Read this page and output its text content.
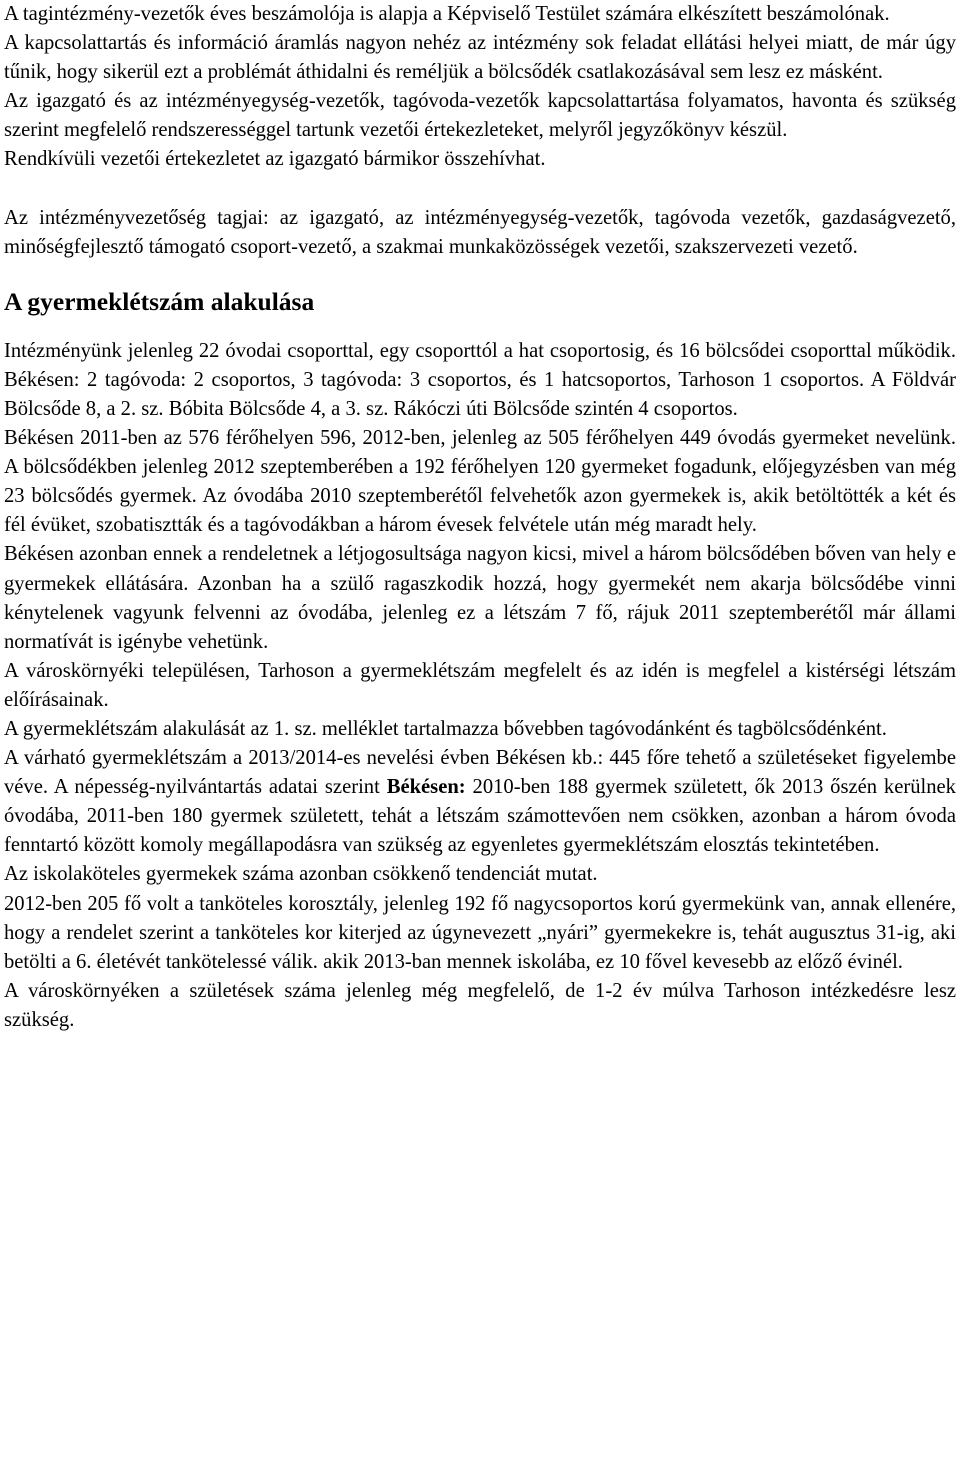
A tagintézmény-vezetők éves beszámolója is alapja a Képviselő Testület számára elkészített beszámolónak.

A kapcsolattartás és információ áramlás nagyon nehéz az intézmény sok feladat ellátási helyei miatt, de már úgy tűnik, hogy sikerül ezt a problémát áthidalni és reméljük a bölcsődék csatlakozásával sem lesz ez másként.

Az igazgató és az intézményegység-vezetők, tagóvoda-vezetők kapcsolattartása folyamatos, havonta és szükség szerint megfelelő rendszerességgel tartunk vezetői értekezleteket, melyről jegyzőkönyv készül.

Rendkívüli vezetői értekezletet az igazgató bármikor összehívhat.

Az intézményvezetőség tagjai: az igazgató, az intézményegység-vezetők, tagóvoda vezetők, gazdaságvezető, minőségfejlesztő támogató csoport-vezető, a szakmai munkaközösségek vezetői, szakszervezeti vezető.

A gyermeklétszám alakulása

Intézményünk jelenleg 22 óvodai csoporttal, egy csoporttól a hat csoportosig, és 16 bölcsődei csoporttal működik. Békésen: 2 tagóvoda: 2 csoportos, 3 tagóvoda: 3 csoportos, és 1 hatcsoportos, Tarhoson 1 csoportos. A Földvár Bölcsőde 8, a 2. sz. Bóbita Bölcsőde 4, a 3. sz. Rákóczi úti Bölcsőde szintén 4 csoportos.

Békésen 2011-ben az 576 férőhelyen 596, 2012-ben, jelenleg az 505 férőhelyen 449 óvodás gyermeket nevelünk. A bölcsődékben jelenleg 2012 szeptemberében a 192 férőhelyen 120 gyermeket fogadunk, előjegyzésben van még 23 bölcsődés gyermek. Az óvodába 2010 szeptemberétől felvehetők azon gyermekek is, akik betöltötték a két és fél évüket, szobatisztták és a tagóvodákban a három évesek felvétele után még maradt hely.

Békésen azonban ennek a rendeletnek a létjogosultsága nagyon kicsi, mivel a három bölcsődében bőven van hely e gyermekek ellátására. Azonban ha a szülő ragaszkodik hozzá, hogy gyermekét nem akarja bölcsődébe vinni kénytelenek vagyunk felvenni az óvodába, jelenleg ez a létszám 7 fő, rájuk 2011 szeptemberétől már állami normatívát is igénybe vehetünk.

A városkörnyéki településen, Tarhoson a gyermeklétszám megfelelt és az idén is megfelel a kistérségi létszám előírásainak.

A gyermeklétszám alakulását az 1. sz. melléklet tartalmazza bővebben tagóvodánként és tagbölcsődénként.

A várható gyermeklétszám a 2013/2014-es nevelési évben Békésen kb.: 445 főre tehető a születéseket figyelembe véve. A népesség-nyilvántartás adatai szerint Békésen: 2010-ben 188 gyermek született, ők 2013 őszén kerülnek óvodába, 2011-ben 180 gyermek született, tehát a létszám számottevően nem csökken, azonban a három óvoda fenntartó között komoly megállapodásra van szükség az egyenletes gyermeklétszám elosztás tekintetében.

Az iskolaköteles gyermekek száma azonban csökkenő tendenciát mutat.

2012-ben 205 fő volt a tanköteles korosztály, jelenleg 192 fő nagycsoportos korú gyermekünk van, annak ellenére, hogy a rendelet szerint a tanköteles kor kiterjed az úgynevezett „nyári” gyermekekre is, tehát augusztus 31-ig, aki betölti a 6. életévét tankötelessé válik. akik 2013-ban mennek iskolába, ez 10 fővel kevesebb az előző évinél.

A városkörnyéken a születések száma jelenleg még megfelelő, de 1-2 év múlva Tarhoson intézkedésre lesz szükség.
